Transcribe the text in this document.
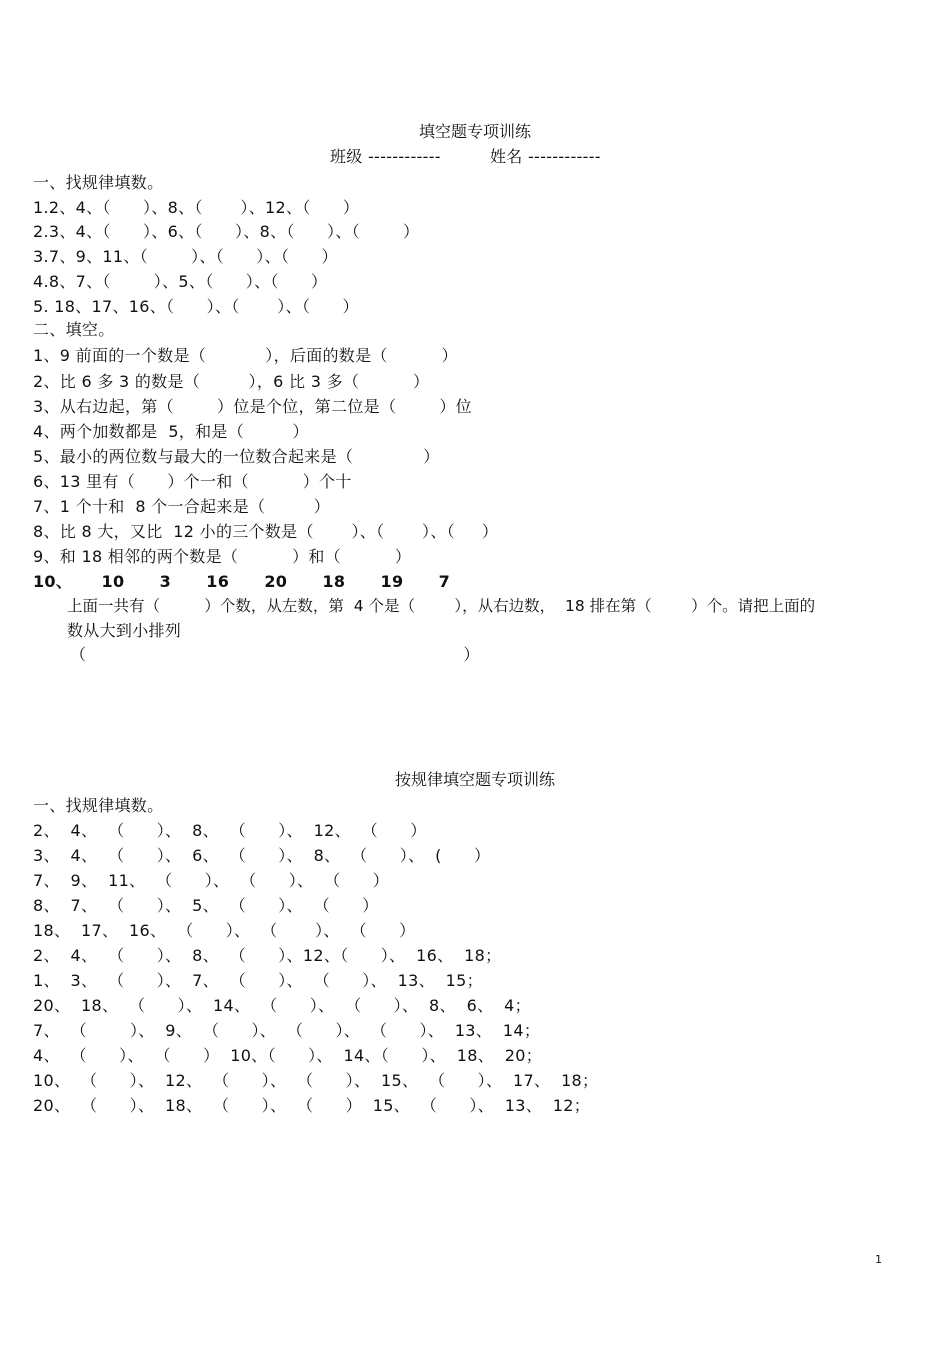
填空题专项训练
班级 ------------	姓名 ------------
一、找规律填数。
1.2、4、（      ）、8、（       ）、12、（      ）
2.3、4、（      ）、6、（      ）、8、（      ）、（        ）
3.7、9、11、（        ）、（      ）、（      ）
4.8、7、（        ）、5、（      ）、（      ）
5. 18、17、16、（      ）、（       ）、（      ）
二、填空。
1、9 前面的一个数是（           ），后面的数是（          ）
2、比 6 多 3 的数是（         ），6 比 3 多（          ）
3、从右边起，第（        ）位是个位，第二位是（        ）位
4、两个加数都是  5，和是（         ）
5、最小的两位数与最大的一位数合起来是（             ）
6、13 里有（      ）个一和（          ）个十
7、1 个十和  8 个一合起来是（         ）
8、比 8 大，又比  12 小的三个数是（       ）、（       ）、（     ）
9、和 18 相邻的两个数是（          ）和（          ）
10、     10      3      16      20      18      19      7
上面一共有（         ）个数，从左数，第  4 个是（        ），从右边数，  18 排在第（        ）个。请把上面的
数从大到小排列
（                                                                      ）
按规律填空题专项训练
一、找规律填数。
2、  4、  （      ）、  8、  （      ）、  12、  （      ）
3、  4、  （      ）、  6、  （      ）、  8、  （      ）、  (      ）
7、  9、  11、  （      ）、  （      ）、  （      ）
8、  7、  （      ）、  5、  （      ）、  （      ）
18、  17、  16、  （      ）、  （       ）、  （      ）
2、  4、  （      ）、  8、  （      ）、12、（      ）、  16、  18；
1、  3、  （      ）、  7、  （      ）、  （      ）、  13、  15；
20、  18、  （      ）、  14、  （      ）、  （      ）、  8、  6、  4；
7、  （        ）、  9、  （      ）、  （      ）、  （      ）、  13、  14；
4、  （      ）、  （      ）  10、（      ）、  14、（      ）、  18、  20；
10、  （      ）、  12、  （      ）、  （      ）、  15、  （      ）、  17、  18；
20、  （      ）、  18、  （      ）、  （      ）  15、  （      ）、  13、  12；
1
